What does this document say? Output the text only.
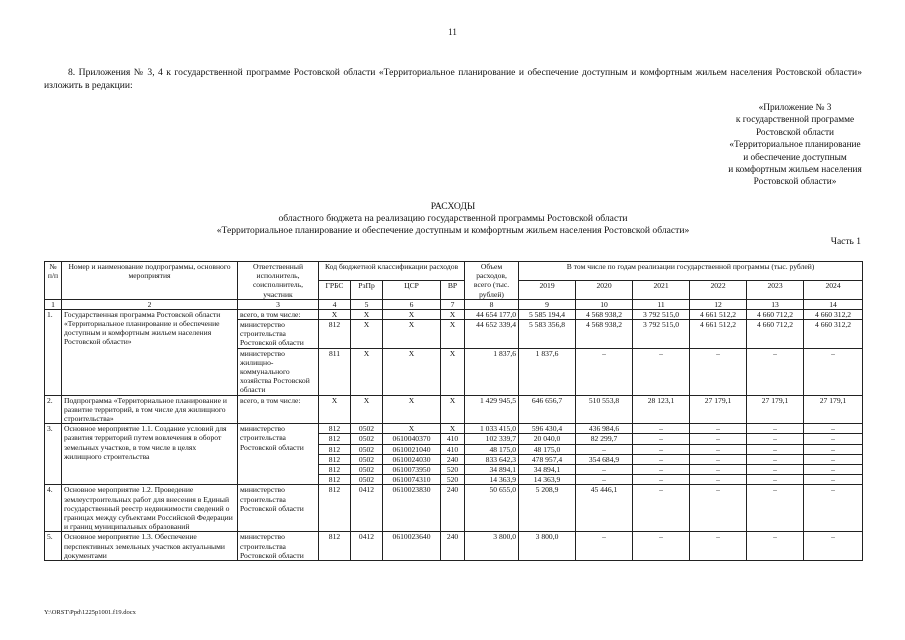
11
8. Приложения № 3, 4 к государственной программе Ростовской области «Территориальное планирование и обеспечение доступным и комфортным жильем населения Ростовской области» изложить в редакции:
«Приложение № 3
к государственной программе
Ростовской области
«Территориальное планирование
и обеспечение доступным
и комфортным жильем населения
Ростовской области»
РАСХОДЫ
областного бюджета на реализацию государственной программы Ростовской области
«Территориальное планирование и обеспечение доступным и комфортным жильем населения Ростовской области»
Часть 1
№ п/п	Номер и наименование подпрограммы, основного мероприятия	Ответственный исполнитель, соисполнитель, участник	Код бюджетной классификации расходов				Объем расходов, всего (тыс. рублей)	В том числе по годам реализации государственной программы (тыс. рублей)					
			ГРБС	РзПр	ЦСР	ВР		2019	2020	2021	2022	2023	2024
1	2	3	4	5	6	7	8	9	10	11	12	13	14
1.	Государственная программа Ростовской области «Территориальное планирование и обеспечение доступным и комфортным жильем населения Ростовской области»	всего, в том числе:	X	X	X	X	44 654 177,0	5 585 194,4	4 568 938,2	3 792 515,0	4 661 512,2	4 660 712,2	4 660 312,2
		министерство строительства Ростовской области	812	X	X	X	44 652 339,4	5 583 356,8	4 568 938,2	3 792 515,0	4 661 512,2	4 660 712,2	4 660 312,2
		министерство жилищно-коммунального хозяйства Ростовской области	811	X	X	X	1 837,6	1 837,6	–	–	–	–	–
2.	Подпрограмма «Территориальное планирование и развитие территорий, в том числе для жилищного строительства»	всего, в том числе:	X	X	X	X	1 429 945,5	646 656,7	510 553,8	28 123,1	27 179,1	27 179,1	27 179,1
3.	Основное мероприятие 1.1. Создание условий для развития территорий путем вовлечения в оборот земельных участков, в том числе в целях жилищного строительства	министерство строительства Ростовской области	812	0502	X	X	1 033 415,0	596 430,4	436 984,6	–	–	–	–
			812	0502	0610040370	410	102 339,7	20 040,0	82 299,7	–	–	–	–
			812	0502	0610021040	410	48 175,0	48 175,0	–	–	–	–	–
			812	0502	0610024030	240	833 642,3	478 957,4	354 684,9	–	–	–	–
			812	0502	0610073950	520	34 894,1	34 894,1	–	–	–	–	–
			812	0502	0610074310	520	14 363,9	14 363,9	–	–	–	–	–
4.	Основное мероприятие 1.2. Проведение землеустроительных работ для внесения в Единый государственный реестр недвижимости сведений о границах между субъектами Российской Федерации и границ муниципальных образований	министерство строительства Ростовской области	812	0412	0610023830	240	50 655,0	5 208,9	45 446,1	–	–	–	–
5.	Основное мероприятие 1.3. Обеспечение перспективных земельных участков актуальными документами	министерство строительства Ростовской области	812	0412	0610023640	240	3 800,0	3 800,0	–	–	–	–	–
Y:\ORST\Ppd\1225p1001.f19.docx
